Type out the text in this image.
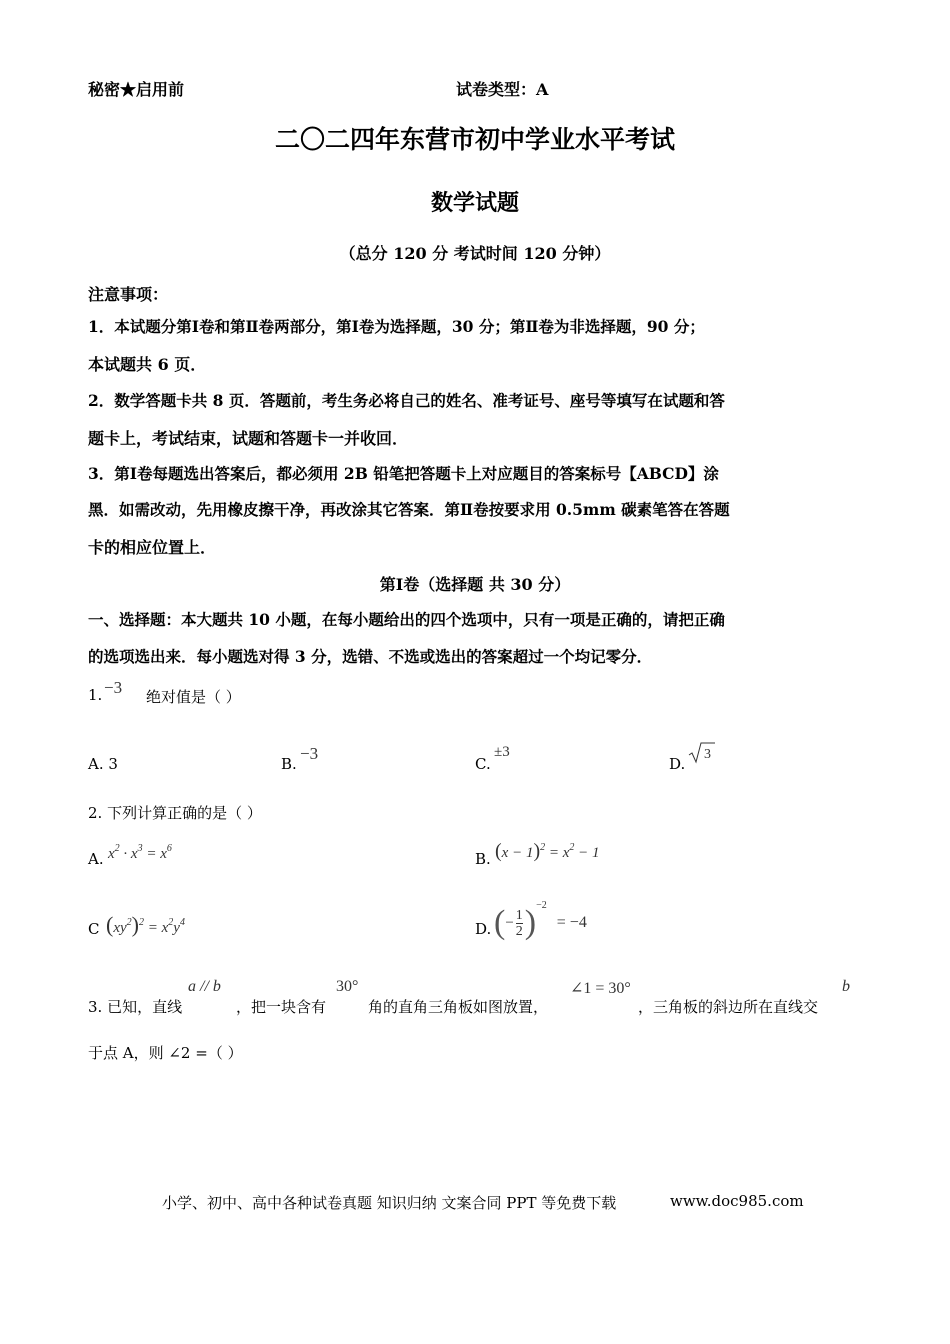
秘密★启用前	试卷类型：A
二〇二四年东营市初中学业水平考试
数学试题
（总分 120 分 考试时间 120 分钟）
注意事项：
1．本试题分第Ⅰ卷和第Ⅱ卷两部分，第Ⅰ卷为选择题，30 分；第Ⅱ卷为非选择题，90 分；
本试题共 6 页．
2．数学答题卡共 8 页．答题前，考生务必将自己的姓名、准考证号、座号等填写在试题和答
题卡上，考试结束，试题和答题卡一并收回．
3．第Ⅰ卷每题选出答案后，都必须用 2B 铅笔把答题卡上对应题目的答案标号【ABCD】涂
黑．如需改动，先用橡皮擦干净，再改涂其它答案．第Ⅱ卷按要求用 0.5mm 碳素笔答在答题
卡的相应位置上．
第Ⅰ卷（选择题 共 30 分）
一、选择题：本大题共 10 小题，在每小题给出的四个选项中，只有一项是正确的，请把正确
的选项选出来．每小题选对得 3 分，选错、不选或选出的答案超过一个均记零分．
1. −3 绝对值是（ ）
A. 3	B.
−3
C.
±3
D.
3
2. 下列计算正确的是（ ）
A. $x^2 \cdot x^3 = x^6$
B. $(x - 1)^2 = x^2 - 1$
C $(xy^2)^2 = x^2y^4$	D. ( − $\frac{1}{2}$ ) −2
= −4
3. 已知，直线
a // b
，把一块含有
30°
角的直角三角板如图放置，
∠1 = 30°
，三角板的斜边所在直线交
b
于点 A，则 ∠2 =（ ）
小学、初中、高中各种试卷真题 知识归纳 文案合同 PPT 等免费下载	www.doc985.com
